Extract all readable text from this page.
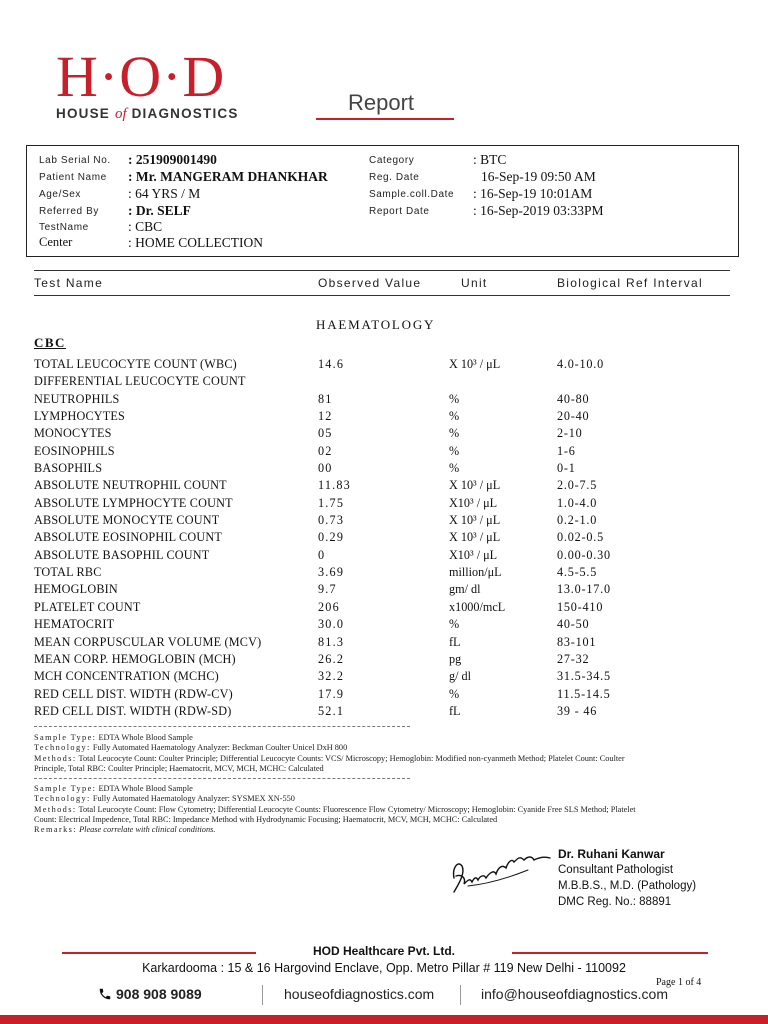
H·O·D
HOUSE of DIAGNOSTICS	Report
Lab Serial No. : 251909001490
Patient Name : Mr. MANGERAM DHANKHAR
Age/Sex	: 64 YRS / M
Referred By : Dr. SELF
TestName	: CBC
Center	: HOME COLLECTION
Category	: BTC
Reg. Date	16-Sep-19 09:50 AM
Sample.coll.Date : 16-Sep-19 10:01AM
Report Date	: 16-Sep-2019 03:33PM
Test Name	Observed Value	Unit	Biological Ref Interval
HAEMATOLOGY
CBC
TOTAL LEUCOCYTE COUNT (WBC)	14.6	X 10³ / μL	4.0-10.0
DIFFERENTIAL LEUCOCYTE COUNT
NEUTROPHILS	81	%	40-80
LYMPHOCYTES	12	%	20-40
MONOCYTES	05	%	2-10
EOSINOPHILS	02	%	1-6
BASOPHILS	00	%	0-1
ABSOLUTE NEUTROPHIL COUNT	11.83	X 10³ / μL	2.0-7.5
ABSOLUTE LYMPHOCYTE COUNT	1.75	X10³ / μL	1.0-4.0
ABSOLUTE MONOCYTE COUNT	0.73	X 10³ / μL	0.2-1.0
ABSOLUTE EOSINOPHIL COUNT	0.29	X 10³ / μL	0.02-0.5
ABSOLUTE BASOPHIL COUNT	0	X10³ / μL	0.00-0.30
TOTAL RBC	3.69	million/μL	4.5-5.5
HEMOGLOBIN	9.7	gm/ dl	13.0-17.0
PLATELET COUNT	206	x1000/mcL	150-410
HEMATOCRIT	30.0	%	40-50
MEAN CORPUSCULAR VOLUME (MCV)	81.3	fL	83-101
MEAN CORP. HEMOGLOBIN (MCH)	26.2	pg	27-32
MCH CONCENTRATION (MCHC)	32.2	g/ dl	31.5-34.5
RED CELL DIST. WIDTH (RDW-CV)	17.9	%	11.5-14.5
RED CELL DIST. WIDTH (RDW-SD)	52.1	fL	39 - 46
Sample Type: EDTA Whole Blood Sample
Technology: Fully Automated Haematology Analyzer: Beckman Coulter Unicel DxH 800
Methods: Total Leucocyte Count: Coulter Principle; Differential Leucocyte Counts: VCS/ Microscopy; Hemoglobin: Modified non-cyanmeth Method; Platelet Count: Coulter
Principle, Total RBC: Coulter Principle; Haematocrit, MCV, MCH, MCHC: Calculated
Sample Type: EDTA Whole Blood Sample
Technology: Fully Automated Haematology Analyzer: SYSMEX XN-550
Methods: Total Leucocyte Count: Flow Cytometry; Differential Leucocyte Counts: Fluorescence Flow Cytometry/ Microscopy; Hemoglobin: Cyanide Free SLS Method; Platelet
Count: Electrical Impedence, Total RBC: Impedance Method with Hydrodynamic Focusing; Haematocrit, MCV, MCH, MCHC: Calculated
Remarks: Please correlate with clinical conditions.
Dr. Ruhani Kanwar
Consultant Pathologist
M.B.B.S., M.D. (Pathology)
DMC Reg. No.: 88891
HOD Healthcare Pvt. Ltd.
Karkardooma : 15 & 16 Hargovind Enclave, Opp. Metro Pillar # 119 New Delhi - 110092
Page 1 of 4
908 908 9089	houseofdiagnostics.com	info@houseofdiagnostics.com
